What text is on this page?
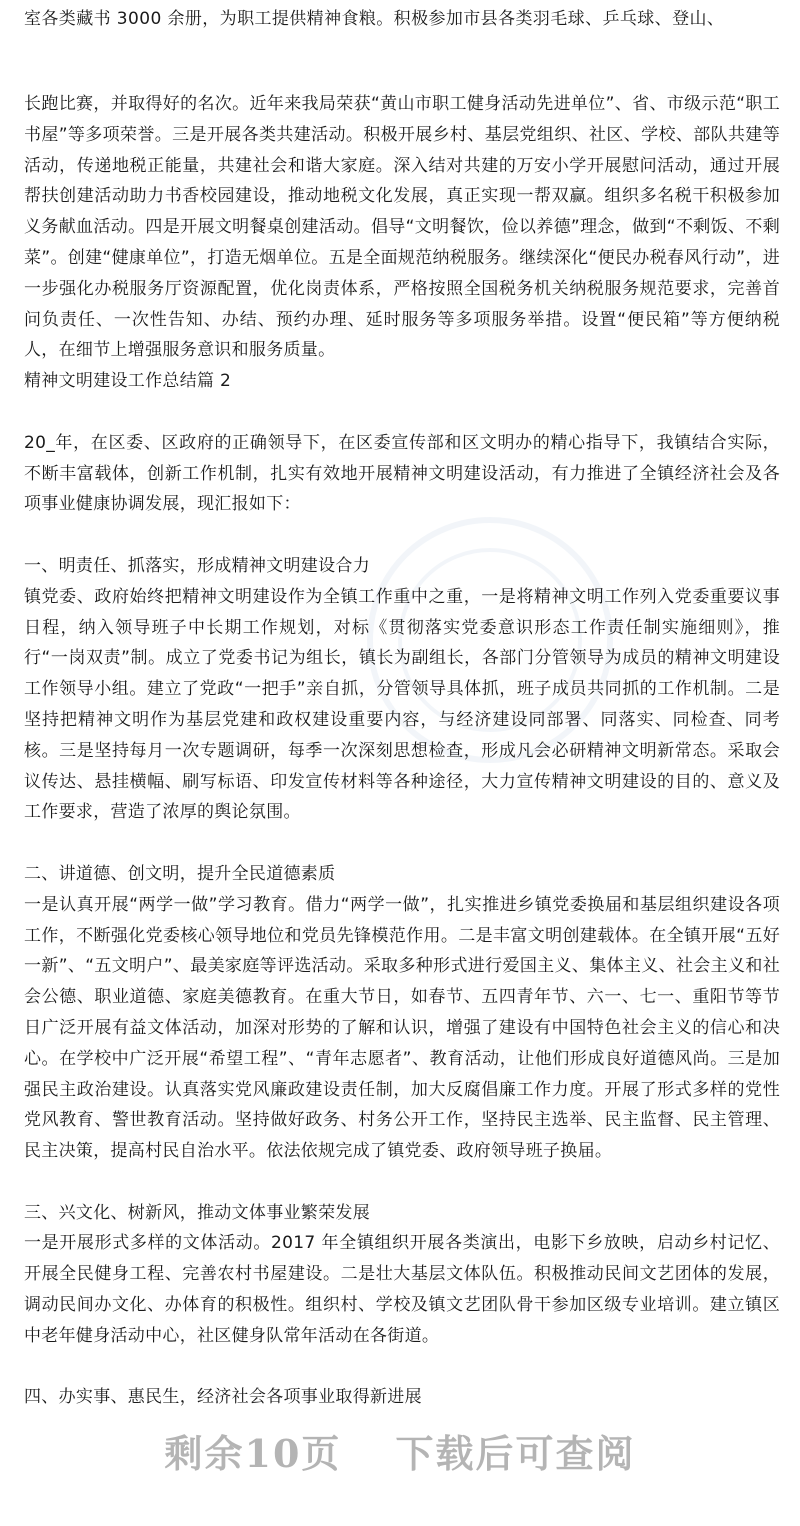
室各类藏书 3000 余册，为职工提供精神食粮。积极参加市县各类羽毛球、乒乓球、登山、

长跑比赛，并取得好的名次。近年来我局荣获“黄山市职工健身活动先进单位”、省、市级示范“职工书屋”等多项荣誉。三是开展各类共建活动。积极开展乡村、基层党组织、社区、学校、部队共建等活动，传递地税正能量，共建社会和谐大家庭。深入结对共建的万安小学开展慰问活动，通过开展帮扶创建活动助力书香校园建设，推动地税文化发展，真正实现一帮双赢。组织多名税干积极参加义务献血活动。四是开展文明餐桌创建活动。倡导“文明餐饮，俭以养德”理念，做到“不剩饭、不剩菜”。创建“健康单位”，打造无烟单位。五是全面规范纳税服务。继续深化“便民办税春风行动”，进一步强化办税服务厅资源配置，优化岗责体系，严格按照全国税务机关纳税服务规范要求，完善首问负责任、一次性告知、办结、预约办理、延时服务等多项服务举措。设置“便民箱”等方便纳税人，在细节上增强服务意识和服务质量。

精神文明建设工作总结篇 2

20_年，在区委、区政府的正确领导下，在区委宣传部和区文明办的精心指导下，我镇结合实际，不断丰富载体，创新工作机制，扎实有效地开展精神文明建设活动，有力推进了全镇经济社会及各项事业健康协调发展，现汇报如下：

一、明责任、抓落实，形成精神文明建设合力

镇党委、政府始终把精神文明建设作为全镇工作重中之重，一是将精神文明工作列入党委重要议事日程，纳入领导班子中长期工作规划，对标《贯彻落实党委意识形态工作责任制实施细则》，推行“一岗双责”制。成立了党委书记为组长，镇长为副组长，各部门分管领导为成员的精神文明建设工作领导小组。建立了党政“一把手”亲自抓，分管领导具体抓，班子成员共同抓的工作机制。二是坚持把精神文明作为基层党建和政权建设重要内容，与经济建设同部署、同落实、同检查、同考核。三是坚持每月一次专题调研，每季一次深刻思想检查，形成凡会必研精神文明新常态。采取会议传达、悬挂横幅、刷写标语、印发宣传材料等各种途径，大力宣传精神文明建设的目的、意义及工作要求，营造了浓厚的舆论氛围。

二、讲道德、创文明，提升全民道德素质

一是认真开展“两学一做”学习教育。借力“两学一做”，扎实推进乡镇党委换届和基层组织建设各项工作，不断强化党委核心领导地位和党员先锋模范作用。二是丰富文明创建载体。在全镇开展“五好一新”、“五文明户”、最美家庭等评选活动。采取多种形式进行爱国主义、集体主义、社会主义和社会公德、职业道德、家庭美德教育。在重大节日，如春节、五四青年节、六一、七一、重阳节等节日广泛开展有益文体活动，加深对形势的了解和认识，增强了建设有中国特色社会主义的信心和决心。在学校中广泛开展“希望工程”、“青年志愿者”、教育活动，让他们形成良好道德风尚。三是加强民主政治建设。认真落实党风廉政建设责任制，加大反腐倡廉工作力度。开展了形式多样的党性党风教育、警世教育活动。坚持做好政务、村务公开工作，坚持民主选举、民主监督、民主管理、民主决策，提高村民自治水平。依法依规完成了镇党委、政府领导班子换届。

三、兴文化、树新风，推动文体事业繁荣发展

一是开展形式多样的文体活动。2017 年全镇组织开展各类演出，电影下乡放映，启动乡村记忆、开展全民健身工程、完善农村书屋建设。二是壮大基层文体队伍。积极推动民间文艺团体的发展，调动民间办文化、办体育的积极性。组织村、学校及镇文艺团队骨干参加区级专业培训。建立镇区中老年健身活动中心，社区健身队常年活动在各街道。

四、办实事、惠民生，经济社会各项事业取得新进展

剩余10页 下载后可查阅
